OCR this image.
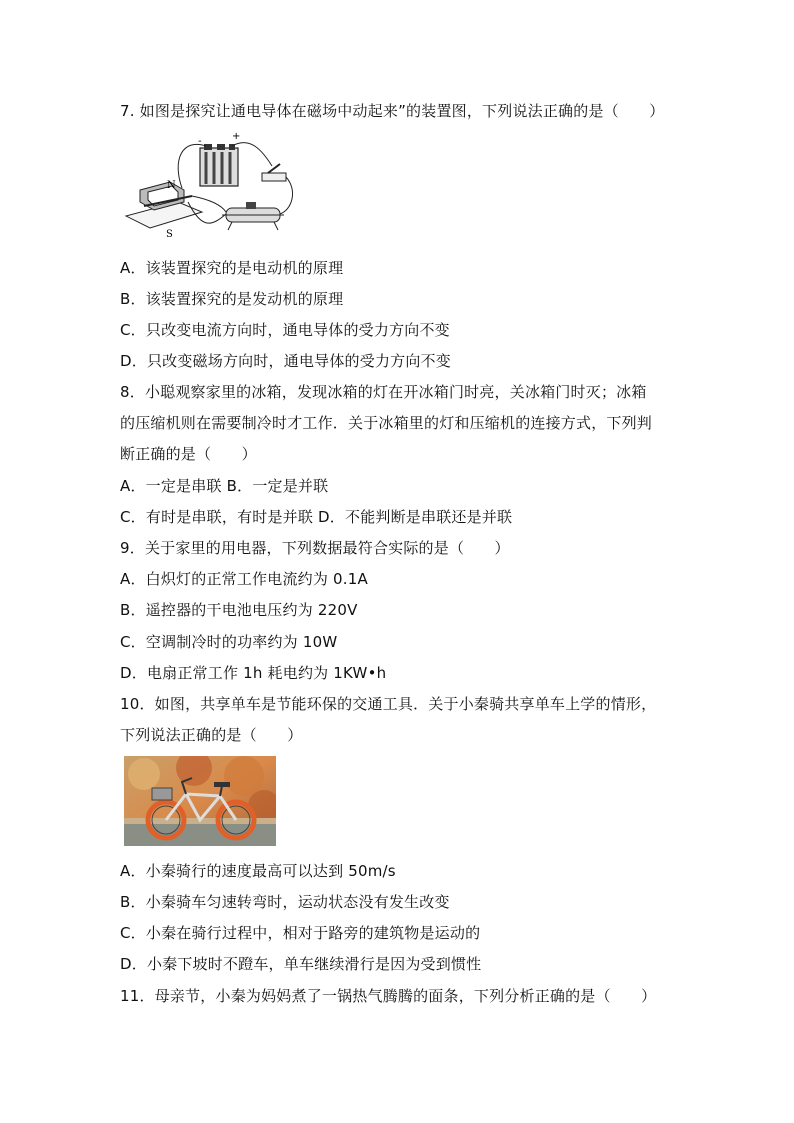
7. 如图是探究让通电导体在磁场中动起来”的装置图，下列说法正确的是（　　）
-	+
N
S
A．该装置探究的是电动机的原理
B．该装置探究的是发动机的原理
C．只改变电流方向时，通电导体的受力方向不变
D．只改变磁场方向时，通电导体的受力方向不变
8．小聪观察家里的冰箱，发现冰箱的灯在开冰箱门时亮，关冰箱门时灭；冰箱
的压缩机则在需要制冷时才工作．关于冰箱里的灯和压缩机的连接方式，下列判
断正确的是（　　）
A．一定是串联 B．一定是并联
C．有时是串联，有时是并联 D．不能判断是串联还是并联
9．关于家里的用电器，下列数据最符合实际的是（　　）
A．白炽灯的正常工作电流约为 0.1A
B．遥控器的干电池电压约为 220V
C．空调制冷时的功率约为 10W
D．电扇正常工作 1h 耗电约为 1KW•h
10．如图，共享单车是节能环保的交通工具．关于小秦骑共享单车上学的情形，
下列说法正确的是（　　）
A．小秦骑行的速度最高可以达到 50m/s
B．小秦骑车匀速转弯时，运动状态没有发生改变
C．小秦在骑行过程中，相对于路旁的建筑物是运动的
D．小秦下坡时不蹬车，单车继续滑行是因为受到惯性
11．母亲节，小秦为妈妈煮了一锅热气腾腾的面条，下列分析正确的是（　　）
